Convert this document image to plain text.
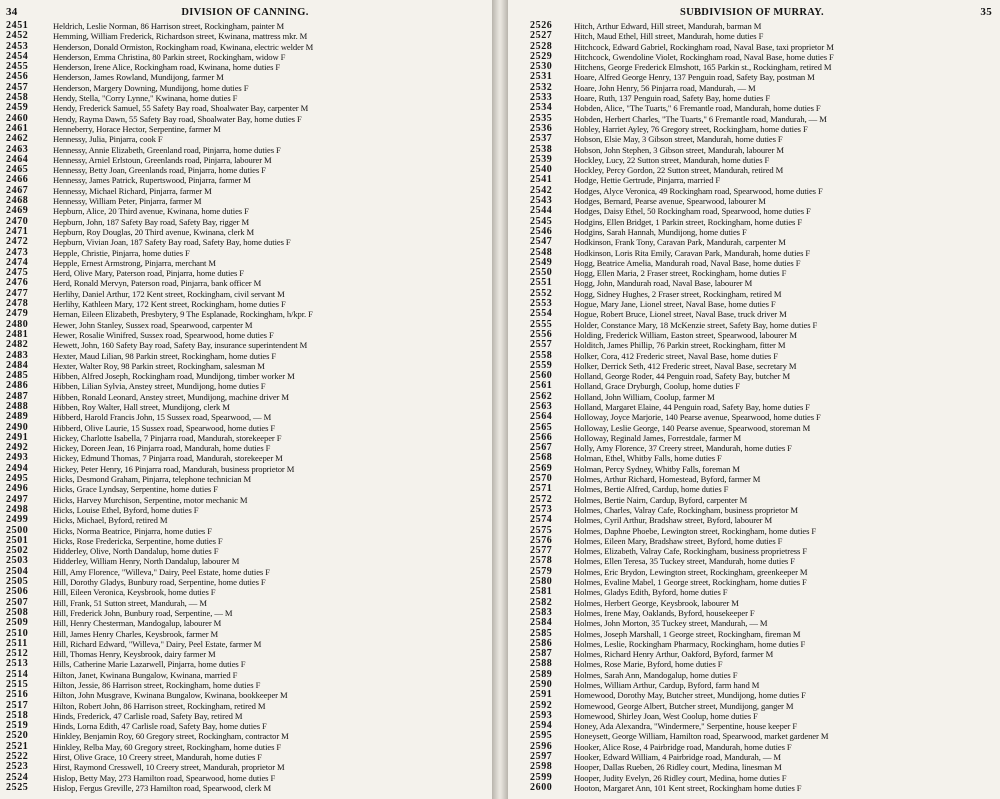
34	DIVISION OF CANNING.
2451	Heldrich, Leslie Norman, 86 Harrison street, Rockingham, painter M
2452	Hemming, William Frederick, Richardson street, Kwinana, mattress mkr. M
2453	Henderson, Donald Ormiston, Rockingham road, Kwinana, electric welder M
2454	Henderson, Emma Christina, 80 Parkin street, Rockingham, widow F
2455	Henderson, Irene Alice, Rockingham road, Kwinana, home duties F
2456	Henderson, James Rowland, Mundijong, farmer M
2457	Henderson, Margery Downing, Mundijong, home duties F
2458	Hendy, Stella, "Corry Lynne," Kwinana, home duties F
2459	Hendy, Frederick Samuel, 55 Safety Bay road, Shoalwater Bay, carpenter M
2460	Hendy, Rayma Dawn, 55 Safety Bay road, Shoalwater Bay, home duties F
2461	Henneberry, Horace Hector, Serpentine, farmer M
2462	Hennessy, Julia, Pinjarra, cook F
2463	Hennessy, Annie Elizabeth, Greenland road, Pinjarra, home duties F
2464	Hennessy, Arniel Erlstoun, Greenlands road, Pinjarra, labourer M
2465	Hennessy, Betty Joan, Greenlands road, Pinjarra, home duties F
2466	Hennessy, James Patrick, Rupertswood, Pinjarra, farmer M
2467	Hennessy, Michael Richard, Pinjarra, farmer M
2468	Hennessy, William Peter, Pinjarra, farmer M
2469	Hepburn, Alice, 20 Third avenue, Kwinana, home duties F
2470	Hepburn, John, 187 Safety Bay road, Safety Bay, rigger M
2471	Hepburn, Roy Douglas, 20 Third avenue, Kwinana, clerk M
2472	Hepburn, Vivian Joan, 187 Safety Bay road, Safety Bay, home duties F
2473	Hepple, Christie, Pinjarra, home duties F
2474	Hepple, Ernest Armstrong, Pinjarra, merchant M
2475	Herd, Olive Mary, Paterson road, Pinjarra, home duties F
2476	Herd, Ronald Mervyn, Paterson road, Pinjarra, bank officer M
2477	Herlihy, Daniel Arthur, 172 Kent street, Rockingham, civil servant M
2478	Herlihy, Kathleen Mary, 172 Kent street, Rockingham, home duties F
2479	Hernan, Eileen Elizabeth, Presbytery, 9 The Esplanade, Rockingham, h/kpr. F
2480	Hewer, John Stanley, Sussex road, Spearwood, carpenter M
2481	Hewer, Rosalie Winifred, Sussex road, Spearwood, home duties F
2482	Hewett, John, 160 Safety Bay road, Safety Bay, insurance superintendent M
2483	Hexter, Maud Lilian, 98 Parkin street, Rockingham, home duties F
2484	Hexter, Walter Roy, 98 Parkin street, Rockingham, salesman M
2485	Hibben, Alfred Joseph, Rockingham road, Mundijong, timber worker M
2486	Hibben, Lilian Sylvia, Anstey street, Mundijong, home duties F
2487	Hibben, Ronald Leonard, Anstey street, Mundijong, machine driver M
2488	Hibben, Roy Walter, Hall street, Mundijong, clerk M
2489	Hibberd, Harold Francis John, 15 Sussex road, Spearwood, — M
2490	Hibberd, Olive Laurie, 15 Sussex road, Spearwood, home duties F
2491	Hickey, Charlotte Isabella, 7 Pinjarra road, Mandurah, storekeeper F
2492	Hickey, Doreen Jean, 16 Pinjarra road, Mandurah, home duties F
2493	Hickey, Edmund Thomas, 7 Pinjarra road, Mandurah, storekeeper M
2494	Hickey, Peter Henry, 16 Pinjarra road, Mandurah, business proprietor M
2495	Hicks, Desmond Graham, Pinjarra, telephone technician M
2496	Hicks, Grace Lyndsay, Serpentine, home duties F
2497	Hicks, Harvey Murchison, Serpentine, motor mechanic M
2498	Hicks, Louise Ethel, Byford, home duties F
2499	Hicks, Michael, Byford, retired M
2500	Hicks, Norma Beatrice, Pinjarra, home duties F
2501	Hicks, Rose Fredericka, Serpentine, home duties F
2502	Hidderley, Olive, North Dandalup, home duties F
2503	Hidderley, William Henry, North Dandalup, labourer M
2504	Hill, Amy Florence, "Willeva," Dairy, Peel Estate, home duties F
2505	Hill, Dorothy Gladys, Bunbury road, Serpentine, home duties F
2506	Hill, Eileen Veronica, Keysbrook, home duties F
2507	Hill, Frank, 51 Sutton street, Mandurah, — M
2508	Hill, Frederick John, Bunbury road, Serpentine, — M
2509	Hill, Henry Chesterman, Mandogalup, labourer M
2510	Hill, James Henry Charles, Keysbrook, farmer M
2511	Hill, Richard Edward, "Willeva," Dairy, Peel Estate, farmer M
2512	Hill, Thomas Henry, Keysbrook, dairy farmer M
2513	Hills, Catherine Marie Lazarwell, Pinjarra, home duties F
2514	Hilton, Janet, Kwinana Bungalow, Kwinana, married F
2515	Hilton, Jessie, 86 Harrison street, Rockingham, home duties F
2516	Hilton, John Musgrave, Kwinana Bungalow, Kwinana, bookkeeper M
2517	Hilton, Robert John, 86 Harrison street, Rockingham, retired M
2518	Hinds, Frederick, 47 Carlisle road, Safety Bay, retired M
2519	Hinds, Lorna Edith, 47 Carlisle road, Safety Bay, home duties F
2520	Hinkley, Benjamin Roy, 60 Gregory street, Rockingham, contractor M
2521	Hinkley, Relba May, 60 Gregory street, Rockingham, home duties F
2522	Hirst, Olive Grace, 10 Creery street, Mandurah, home duties F
2523	Hirst, Raymond Cresswell, 10 Creery street, Mandurah, proprietor M
2524	Hislop, Betty May, 273 Hamilton road, Spearwood, home duties F
2525	Hislop, Fergus Greville, 273 Hamilton road, Spearwood, clerk M
SUBDIVISION OF MURRAY.	35
2526	Hitch, Arthur Edward, Hill street, Mandurah, barman M
2527	Hitch, Maud Ethel, Hill street, Mandurah, home duties F
2528	Hitchcock, Edward Gabriel, Rockingham road, Naval Base, taxi proprietor M
2529	Hitchcock, Gwendoline Violet, Rockingham road, Naval Base, home duties F
2530	Hitchens, George Frederick Elmshott, 165 Parkin st., Rockingham, retired M
2531	Hoare, Alfred George Henry, 137 Penguin road, Safety Bay, postman M
2532	Hoare, John Henry, 56 Pinjarra road, Mandurah, — M
2533	Hoare, Ruth, 137 Penguin road, Safety Bay, home duties F
2534	Hobden, Alice, "The Tuarts," 6 Fremantle road, Mandurah, home duties F
2535	Hobden, Herbert Charles, "The Tuarts," 6 Fremantle road, Mandurah, — M
2536	Hobley, Harriet Ayley, 76 Gregory street, Rockingham, home duties F
2537	Hobson, Elsie May, 3 Gibson street, Mandurah, home duties F
2538	Hobson, John Stephen, 3 Gibson street, Mandurah, labourer M
2539	Hockley, Lucy, 22 Sutton street, Mandurah, home duties F
2540	Hockley, Percy Gordon, 22 Sutton street, Mandurah, retired M
2541	Hodge, Hettie Gertrude, Pinjarra, married F
2542	Hodges, Alyce Veronica, 49 Rockingham road, Spearwood, home duties F
2543	Hodges, Bernard, Pearse avenue, Spearwood, labourer M
2544	Hodges, Daisy Ethel, 50 Rockingham road, Spearwood, home duties F
2545	Hodgins, Ellen Bridget, 1 Parkin street, Rockingham, home duties F
2546	Hodgins, Sarah Hannah, Mundijong, home duties F
2547	Hodkinson, Frank Tony, Caravan Park, Mandurah, carpenter M
2548	Hodkinson, Loris Rita Emily, Caravan Park, Mandurah, home duties F
2549	Hogg, Beatrice Amelia, Mandurah road, Naval Base, home duties F
2550	Hogg, Ellen Maria, 2 Fraser street, Rockingham, home duties F
2551	Hogg, John, Mandurah road, Naval Base, labourer M
2552	Hogg, Sidney Hughes, 2 Fraser street, Rockingham, retired M
2553	Hogue, Mary Jane, Lionel street, Naval Base, home duties F
2554	Hogue, Robert Bruce, Lionel street, Naval Base, truck driver M
2555	Holder, Constance Mary, 18 McKenzie street, Safety Bay, home duties F
2556	Holding, Frederick William, Easton street, Spearwood, labourer M
2557	Holditch, James Phillip, 76 Parkin street, Rockingham, fitter M
2558	Holker, Cora, 412 Frederic street, Naval Base, home duties F
2559	Holker, Derrick Seth, 412 Frederic street, Naval Base, secretary M
2560	Holland, George Roder, 44 Penguin road, Safety Bay, butcher M
2561	Holland, Grace Dryburgh, Coolup, home duties F
2562	Holland, John William, Coolup, farmer M
2563	Holland, Margaret Elaine, 44 Penguin road, Safety Bay, home duties F
2564	Holloway, Joyce Marjorie, 140 Pearse avenue, Spearwood, home duties F
2565	Holloway, Leslie George, 140 Pearse avenue, Spearwood, storeman M
2566	Holloway, Reginald James, Forrestdale, farmer M
2567	Holly, Amy Florence, 37 Creery street, Mandurah, home duties F
2568	Holman, Ethel, Whitby Falls, home duties F
2569	Holman, Percy Sydney, Whitby Falls, foreman M
2570	Holmes, Arthur Richard, Homestead, Byford, farmer M
2571	Holmes, Bertie Alfred, Cardup, home duties F
2572	Holmes, Bertie Nairn, Cardup, Byford, carpenter M
2573	Holmes, Charles, Valray Cafe, Rockingham, business proprietor M
2574	Holmes, Cyril Arthur, Bradshaw street, Byford, labourer M
2575	Holmes, Daphne Phoebe, Lewington street, Rockingham, home duties F
2576	Holmes, Eileen Mary, Bradshaw street, Byford, home duties F
2577	Holmes, Elizabeth, Valray Cafe, Rockingham, business proprietress F
2578	Holmes, Ellen Teresa, 35 Tuckey street, Mandurah, home duties F
2579	Holmes, Eric Brydon, Lewington street, Rockingham, greenkeeper M
2580	Holmes, Evaline Mabel, 1 George street, Rockingham, home duties F
2581	Holmes, Gladys Edith, Byford, home duties F
2582	Holmes, Herbert George, Keysbrook, labourer M
2583	Holmes, Irene May, Oaklands, Byford, housekeeper F
2584	Holmes, John Morton, 35 Tuckey street, Mandurah, — M
2585	Holmes, Joseph Marshall, 1 George street, Rockingham, fireman M
2586	Holmes, Leslie, Rockingham Pharmacy, Rockingham, home duties F
2587	Holmes, Richard Henry Arthur, Oakford, Byford, farmer M
2588	Holmes, Rose Marie, Byford, home duties F
2589	Holmes, Sarah Ann, Mandogalup, home duties F
2590	Holmes, William Arthur, Cardup, Byford, farm hand M
2591	Homewood, Dorothy May, Butcher street, Mundijong, home duties F
2592	Homewood, George Albert, Butcher street, Mundijong, ganger M
2593	Homewood, Shirley Joan, West Coolup, home duties F
2594	Honey, Ada Alexandra, "Windermere," Serpentine, house keeper F
2595	Honeysett, George William, Hamilton road, Spearwood, market gardener M
2596	Hooker, Alice Rose, 4 Pairbridge road, Mandurah, home duties F
2597	Hooker, Edward William, 4 Pairbridge road, Mandurah, — M
2598	Hooper, Dallas Rueben, 26 Ridley court, Medina, linesman M
2599	Hooper, Judity Evelyn, 26 Ridley court, Medina, home duties F
2600	Hooton, Margaret Ann, 101 Kent street, Rockingham home duties F
